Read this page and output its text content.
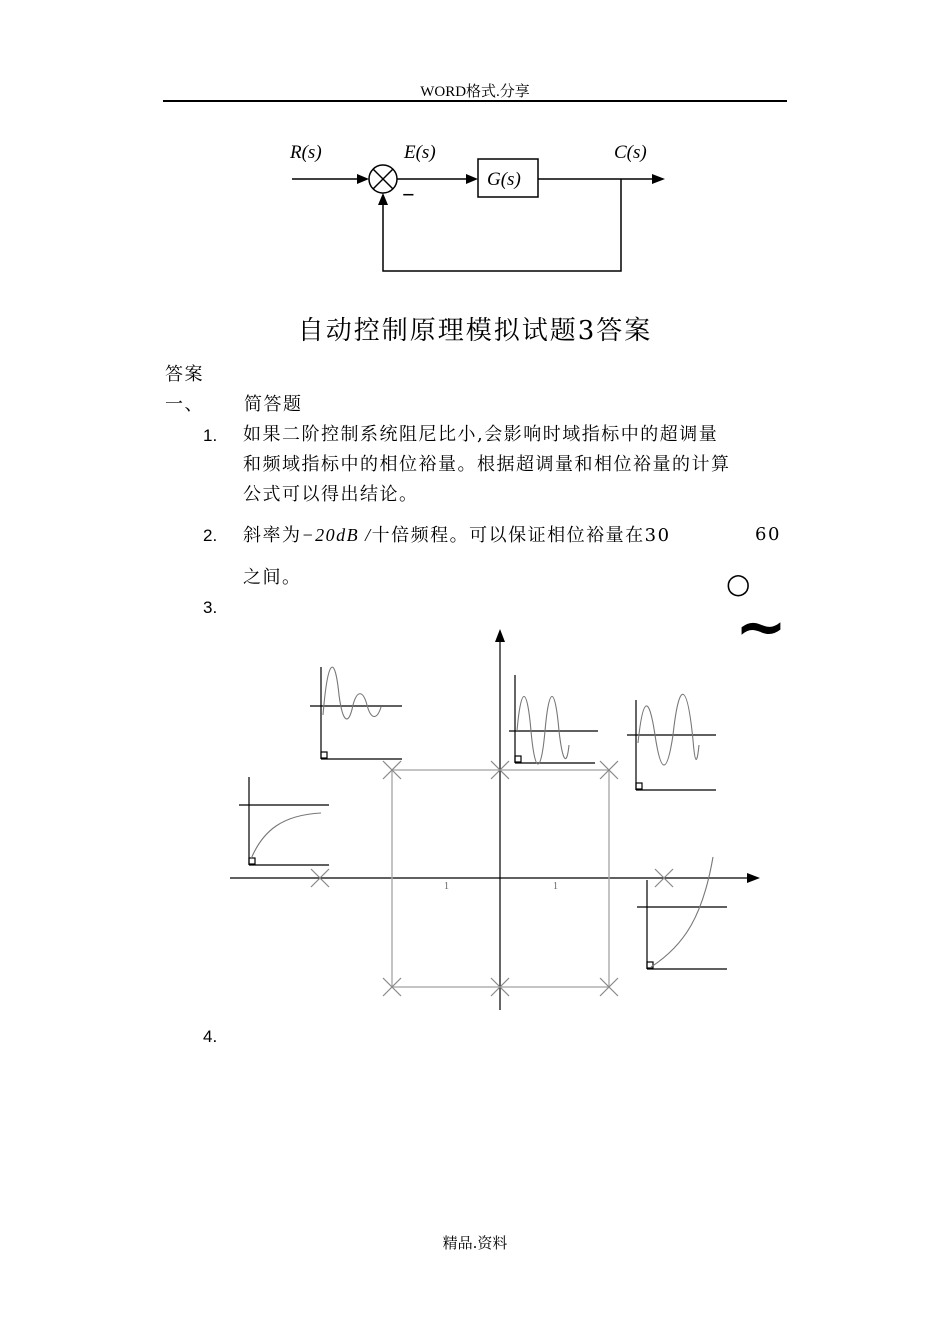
WORD格式.分享
R(s)	E(s)	C(s)
G(s)
−
自动控制原理模拟试题3答案
答案
一、 简答题
1. 如果二阶控制系统阻尼比小,会影响时域指标中的超调量
和频域指标中的相位裕量。根据超调量和相位裕量的计算
公式可以得出结论。
2. 斜率为−20dB /十倍频程。可以保证相位裕量在30	60
之间。	○
~
3.
1	1
4.
精品.资料
